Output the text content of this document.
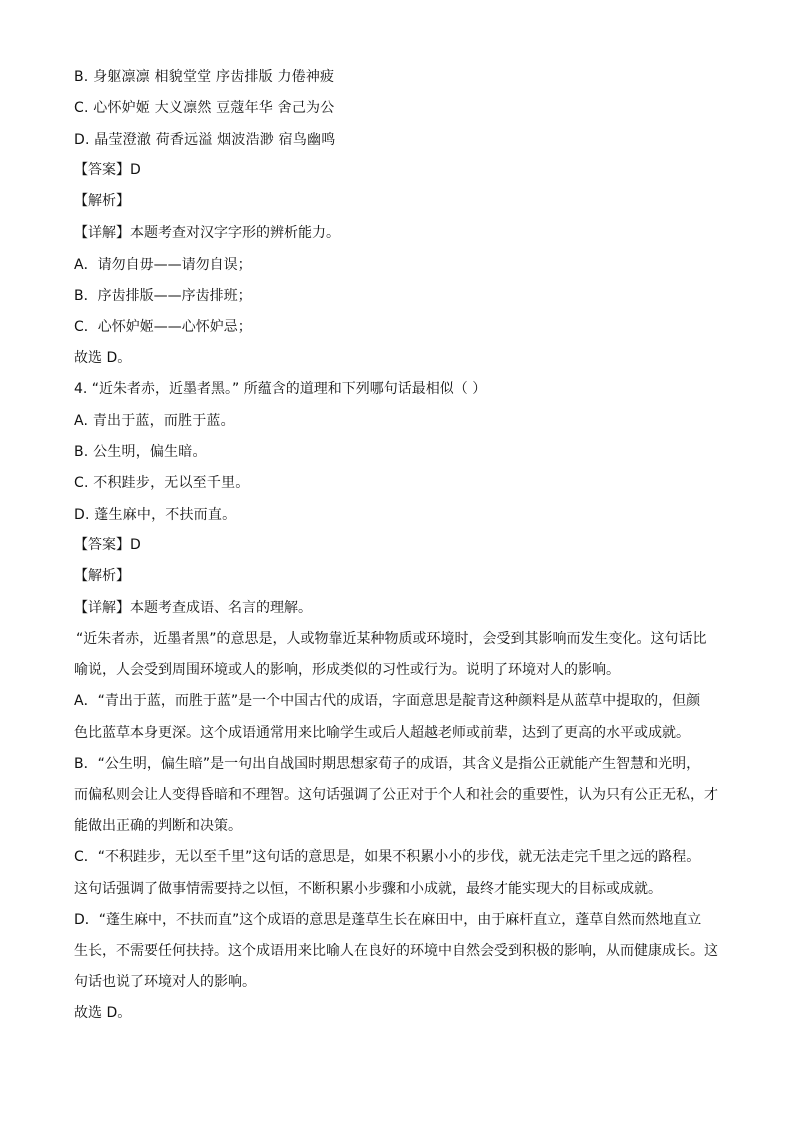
B. 身躯凛凛 相貌堂堂 序齿排版 力倦神疲
C. 心怀妒姬 大义凛然 豆蔻年华 舍己为公
D. 晶莹澄澈 荷香远溢 烟波浩渺 宿鸟幽鸣
【答案】D
【解析】
【详解】本题考查对汉字字形的辨析能力。
A．请勿自毋——请勿自误；
B．序齿排版——序齿排班；
C．心怀妒姬——心怀妒忌；
故选 D。
4. “近朱者赤，近墨者黑。” 所蕴含的道理和下列哪句话最相似（ ）
A. 青出于蓝，而胜于蓝。
B. 公生明，偏生暗。
C. 不积跬步，无以至千里。
D. 蓬生麻中，不扶而直。
【答案】D
【解析】
【详解】本题考查成语、名言的理解。
“近朱者赤，近墨者黑”的意思是，人或物靠近某种物质或环境时，会受到其影响而发生变化。这句话比
喻说，人会受到周围环境或人的影响，形成类似的习性或行为。说明了环境对人的影响。
A．“青出于蓝，而胜于蓝”是一个中国古代的成语，字面意思是靛青这种颜料是从蓝草中提取的，但颜
色比蓝草本身更深。这个成语通常用来比喻学生或后人超越老师或前辈，达到了更高的水平或成就。
B．“公生明，偏生暗”是一句出自战国时期思想家荀子的成语，其含义是指公正就能产生智慧和光明，
而偏私则会让人变得昏暗和不理智。这句话强调了公正对于个人和社会的重要性，认为只有公正无私，才
能做出正确的判断和决策。
C．“不积跬步，无以至千里”这句话的意思是，如果不积累小小的步伐，就无法走完千里之远的路程。
这句话强调了做事情需要持之以恒，不断积累小步骤和小成就，最终才能实现大的目标或成就。
D．“蓬生麻中，不扶而直”这个成语的意思是蓬草生长在麻田中，由于麻杆直立，蓬草自然而然地直立
生长，不需要任何扶持。这个成语用来比喻人在良好的环境中自然会受到积极的影响，从而健康成长。这
句话也说了环境对人的影响。
故选 D。
